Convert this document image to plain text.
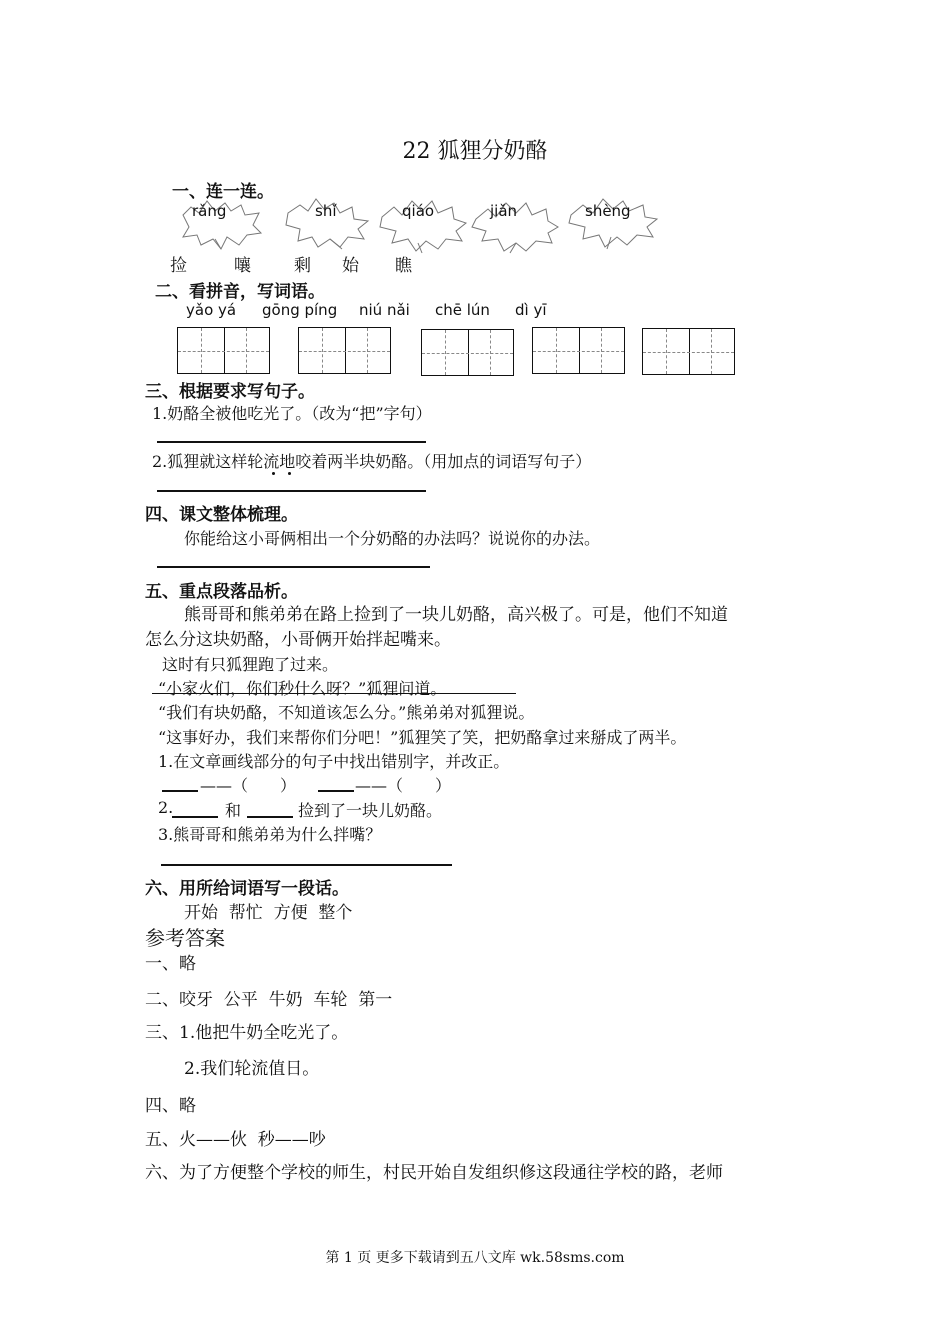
22 狐狸分奶酪
一、连一连。
rǎng	shǐ	qiáo	jiǎn	shèng
捡	嚷	剩 始 瞧
二、看拼音，写词语。
yǎo yá gōng píng niú nǎi chē lún dì yī
三、根据要求写句子。
1.奶酪全被他吃光了。（改为“把”字句）
2.狐狸就这样轮流地咬着两半块奶酪。（用加点的词语写句子）
四、课文整体梳理。
你能给这小哥俩相出一个分奶酪的办法吗？说说你的办法。
五、重点段落品析。
熊哥哥和熊弟弟在路上捡到了一块儿奶酪，高兴极了。可是，他们不知道
怎么分这块奶酪，小哥俩开始拌起嘴来。
这时有只狐狸跑了过来。
“小家火们，你们秒什么呀？”狐狸问道。
“我们有块奶酪，不知道该怎么分。”熊弟弟对狐狸说。
“这事好办，我们来帮你们分吧！”狐狸笑了笑，把奶酪拿过来掰成了两半。
1.在文章画线部分的句子中找出错别字，并改正。
——（　　）	——（　　）
2.	和	捡到了一块儿奶酪。
3.熊哥哥和熊弟弟为什么拌嘴？
六、用所给词语写一段话。
开始  帮忙  方便  整个
参考答案
一、略
二、咬牙  公平  牛奶  车轮  第一
三、1.他把牛奶全吃光了。
2.我们轮流值日。
四、略
五、火——伙  秒——吵
六、为了方便整个学校的师生，村民开始自发组织修这段通往学校的路，老师
第 1 页 更多下载请到五八文库 wk.58sms.com
